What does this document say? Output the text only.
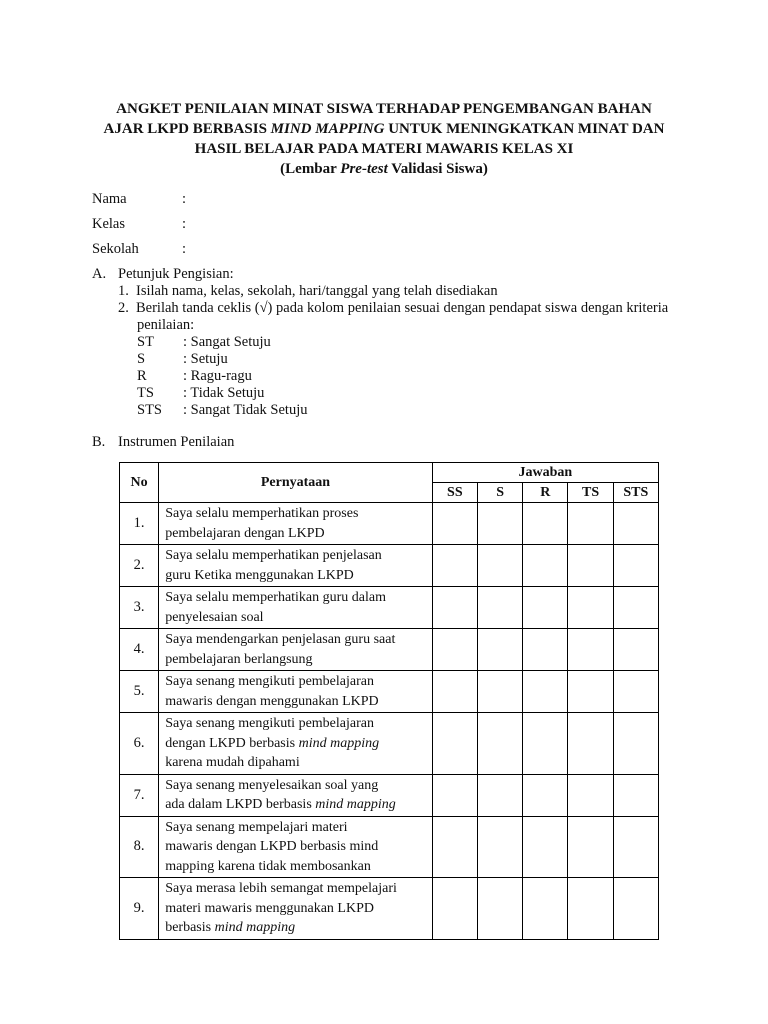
ANGKET PENILAIAN MINAT SISWA TERHADAP PENGEMBANGAN BAHAN
AJAR LKPD BERBASIS MIND MAPPING UNTUK MENINGKATKAN MINAT DAN
HASIL BELAJAR PADA MATERI MAWARIS KELAS XI
(Lembar Pre-test Validasi Siswa)
Nama	:
Kelas	:
Sekolah	:
A. Petunjuk Pengisian:
1. Isilah nama, kelas, sekolah, hari/tanggal yang telah disediakan
2. Berilah tanda ceklis (√) pada kolom penilaian sesuai dengan pendapat siswa dengan kriteria
penilaian:
ST : Sangat Setuju
S	: Setuju
R	: Ragu-ragu
TS : Tidak Setuju
STS : Sangat Tidak Setuju
B. Instrumen Penilaian
No	Pernyataan	Jawaban				
		SS	S	R	TS	STS
1.	Saya selalu memperhatikan proses
pembelajaran dengan LKPD					

2.	Saya selalu memperhatikan penjelasan
guru Ketika menggunakan LKPD					

3.	Saya selalu memperhatikan guru dalam
penyelesaian soal					

4.	Saya mendengarkan penjelasan guru saat
pembelajaran berlangsung					

5.	Saya senang mengikuti pembelajaran
mawaris dengan menggunakan LKPD					

6.	Saya senang mengikuti pembelajaran
dengan LKPD berbasis mind mapping
karena mudah dipahami					

7.	Saya senang menyelesaikan soal yang
ada dalam LKPD berbasis mind mapping					

8.	Saya senang mempelajari materi
mawaris dengan LKPD berbasis mind
mapping karena tidak membosankan					

9.	Saya merasa lebih semangat mempelajari
materi mawaris menggunakan LKPD
berbasis mind mapping					
